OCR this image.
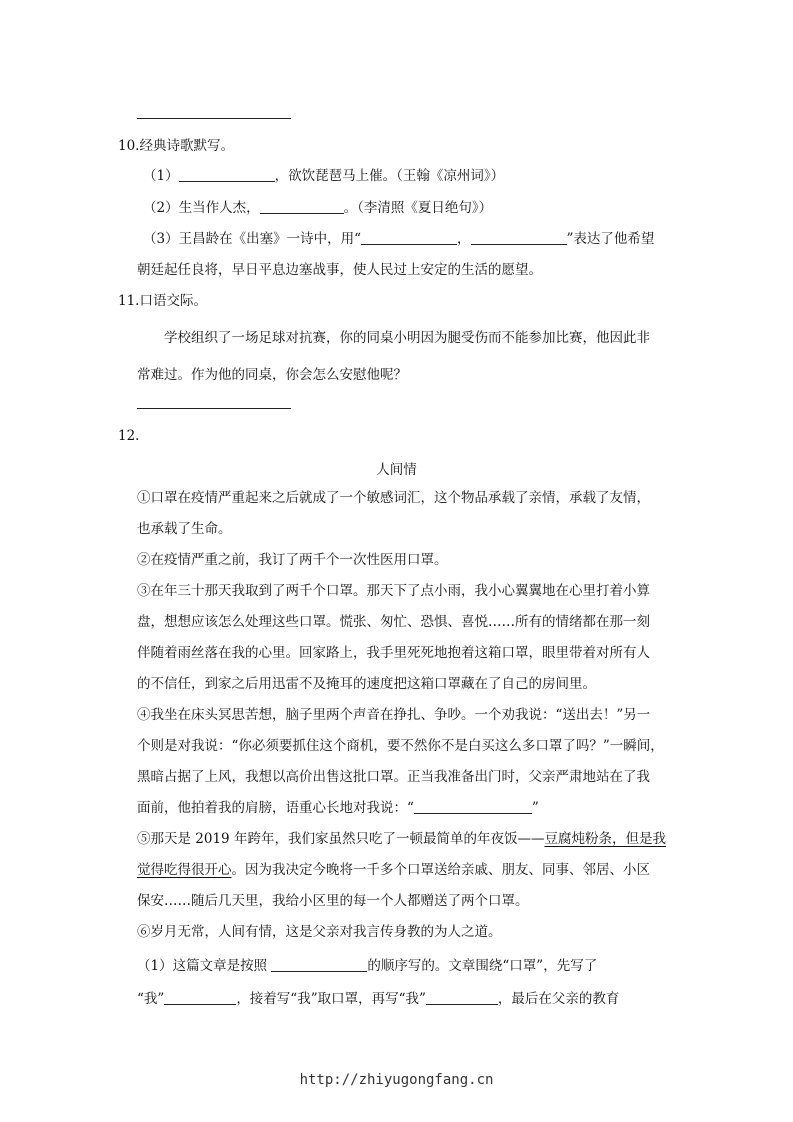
10.经典诗歌默写。
（1）	，欲饮琵琶马上催。（王翰《凉州词》）
（2）生当作人杰，	。（李清照《夏日绝句》）
（3）王昌龄在《出塞》一诗中，用“	，	”表达了他希望
朝廷起任良将，早日平息边塞战事，使人民过上安定的生活的愿望。
11.口语交际。
学校组织了一场足球对抗赛，你的同桌小明因为腿受伤而不能参加比赛，他因此非
常难过。作为他的同桌，你会怎么安慰他呢？
12.
人间情
①口罩在疫情严重起来之后就成了一个敏感词汇，这个物品承载了亲情，承载了友情，
也承载了生命。
②在疫情严重之前，我订了两千个一次性医用口罩。
③在年三十那天我取到了两千个口罩。那天下了点小雨，我小心翼翼地在心里打着小算
盘，想想应该怎么处理这些口罩。慌张、匆忙、恐惧、喜悦……所有的情绪都在那一刻
伴随着雨丝落在我的心里。回家路上，我手里死死地抱着这箱口罩，眼里带着对所有人
的不信任，到家之后用迅雷不及掩耳的速度把这箱口罩藏在了自己的房间里。
④我坐在床头冥思苦想，脑子里两个声音在挣扎、争吵。一个劝我说：“送出去！”另一
个则是对我说：“你必须要抓住这个商机，要不然你不是白买这么多口罩了吗？”一瞬间，
黑暗占据了上风，我想以高价出售这批口罩。正当我准备出门时，父亲严肃地站在了我
面前，他拍着我的肩膀，语重心长地对我说：“	”
⑤那天是 2019 年跨年，我们家虽然只吃了一顿最简单的年夜饭——豆腐炖粉条，但是我
觉得吃得很开心。因为我决定今晚将一千多个口罩送给亲戚、朋友、同事、邻居、小区
保安……随后几天里，我给小区里的每一个人都赠送了两个口罩。
⑥岁月无常，人间有情，这是父亲对我言传身教的为人之道。
（1）这篇文章是按照	的顺序写的。文章围绕“口罩”，先写了
“我”	，接着写“我”取口罩，再写“我”	，最后在父亲的教育
http://zhiyugongfang.cn
